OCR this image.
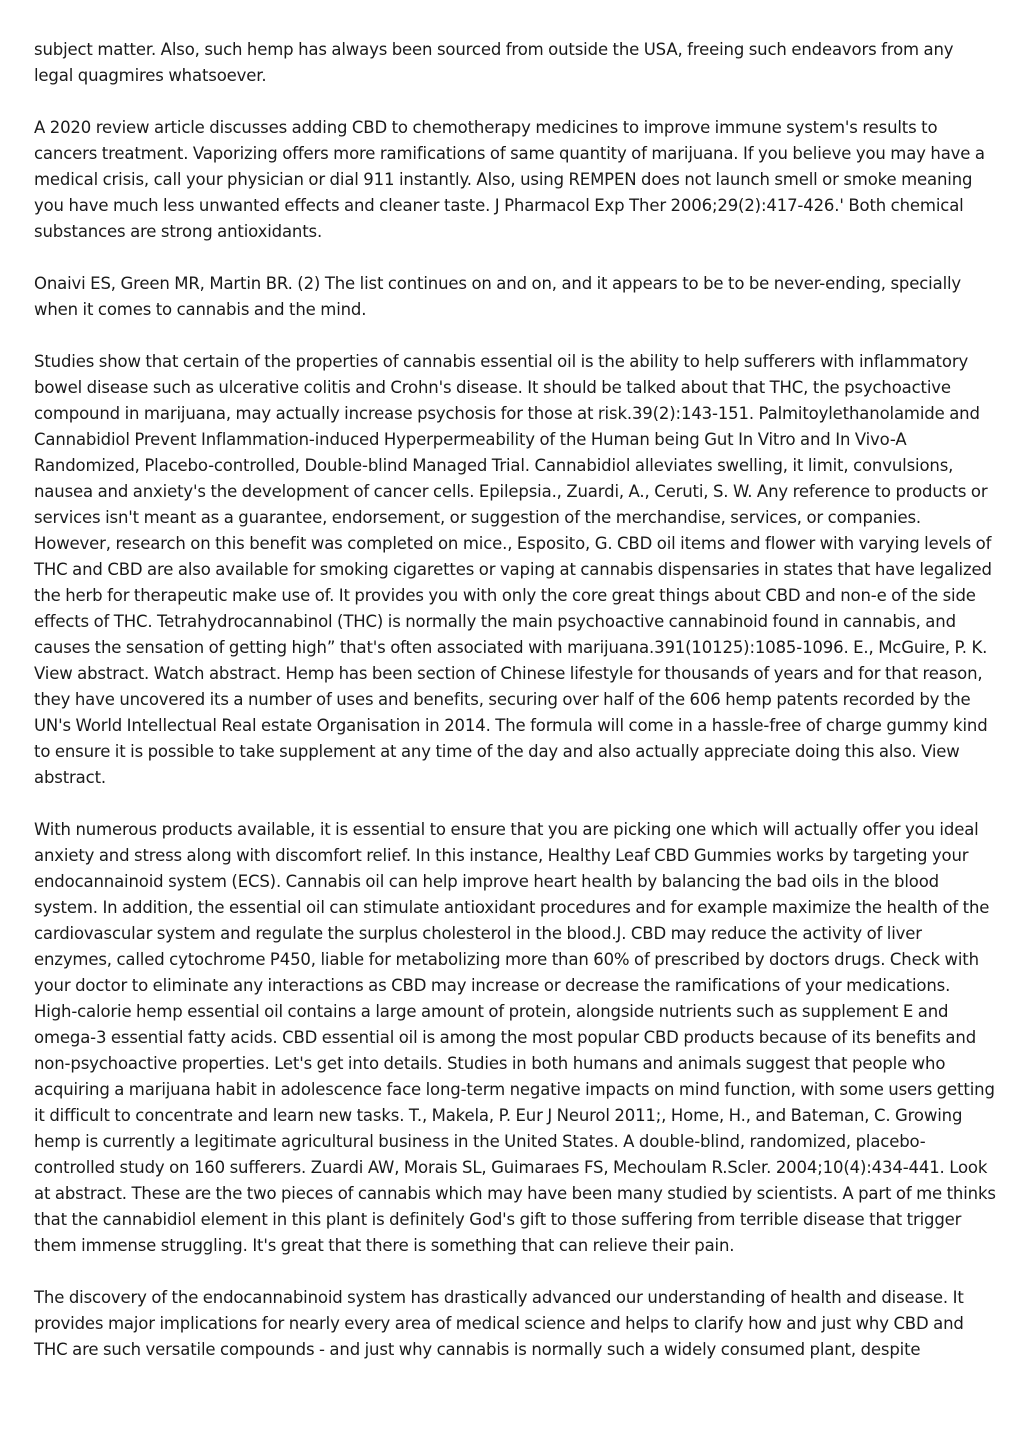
subject matter. Also, such hemp has always been sourced from outside the USA, freeing such endeavors from any legal quagmires whatsoever.

A 2020 review article discusses adding CBD to chemotherapy medicines to improve immune system's results to cancers treatment. Vaporizing offers more ramifications of same quantity of marijuana. If you believe you may have a medical crisis, call your physician or dial 911 instantly. Also, using REMPEN does not launch smell or smoke meaning you have much less unwanted effects and cleaner taste. J Pharmacol Exp Ther 2006;29(2):417-426.' Both chemical substances are strong antioxidants.

Onaivi ES, Green MR, Martin BR. (2) The list continues on and on, and it appears to be to be never-ending, specially when it comes to cannabis and the mind.

Studies show that certain of the properties of cannabis essential oil is the ability to help sufferers with inflammatory bowel disease such as ulcerative colitis and Crohn's disease. It should be talked about that THC, the psychoactive compound in marijuana, may actually increase psychosis for those at risk.39(2):143-151. Palmitoylethanolamide and Cannabidiol Prevent Inflammation-induced Hyperpermeability of the Human being Gut In Vitro and In Vivo-A Randomized, Placebo-controlled, Double-blind Managed Trial. Cannabidiol alleviates swelling, it limit, convulsions, nausea and anxiety's the development of cancer cells. Epilepsia., Zuardi, A., Ceruti, S. W. Any reference to products or services isn't meant as a guarantee, endorsement, or suggestion of the merchandise, services, or companies. However, research on this benefit was completed on mice., Esposito, G. CBD oil items and flower with varying levels of THC and CBD are also available for smoking cigarettes or vaping at cannabis dispensaries in states that have legalized the herb for therapeutic make use of. It provides you with only the core great things about CBD and non-e of the side effects of THC. Tetrahydrocannabinol (THC) is normally the main psychoactive cannabinoid found in cannabis, and causes the sensation of getting high” that's often associated with marijuana.391(10125):1085-1096. E., McGuire, P. K. View abstract. Watch abstract. Hemp has been section of Chinese lifestyle for thousands of years and for that reason, they have uncovered its a number of uses and benefits, securing over half of the 606 hemp patents recorded by the UN's World Intellectual Real estate Organisation in 2014. The formula will come in a hassle-free of charge gummy kind to ensure it is possible to take supplement at any time of the day and also actually appreciate doing this also. View abstract.

With numerous products available, it is essential to ensure that you are picking one which will actually offer you ideal anxiety and stress along with discomfort relief. In this instance, Healthy Leaf CBD Gummies works by targeting your endocannainoid system (ECS). Cannabis oil can help improve heart health by balancing the bad oils in the blood system. In addition, the essential oil can stimulate antioxidant procedures and for example maximize the health of the cardiovascular system and regulate the surplus cholesterol in the blood.J. CBD may reduce the activity of liver enzymes, called cytochrome P450, liable for metabolizing more than 60% of prescribed by doctors drugs. Check with your doctor to eliminate any interactions as CBD may increase or decrease the ramifications of your medications. High-calorie hemp essential oil contains a large amount of protein, alongside nutrients such as supplement E and omega-3 essential fatty acids. CBD essential oil is among the most popular CBD products because of its benefits and non-psychoactive properties. Let's get into details. Studies in both humans and animals suggest that people who acquiring a marijuana habit in adolescence face long-term negative impacts on mind function, with some users getting it difficult to concentrate and learn new tasks. T., Makela, P. Eur J Neurol 2011;, Home, H., and Bateman, C. Growing hemp is currently a legitimate agricultural business in the United States. A double-blind, randomized, placebo-controlled study on 160 sufferers. Zuardi AW, Morais SL, Guimaraes FS, Mechoulam R.Scler. 2004;10(4):434-441. Look at abstract. These are the two pieces of cannabis which may have been many studied by scientists. A part of me thinks that the cannabidiol element in this plant is definitely God's gift to those suffering from terrible disease that trigger them immense struggling. It's great that there is something that can relieve their pain.

The discovery of the endocannabinoid system has drastically advanced our understanding of health and disease. It provides major implications for nearly every area of medical science and helps to clarify how and just why CBD and THC are such versatile compounds - and just why cannabis is normally such a widely consumed plant, despite
